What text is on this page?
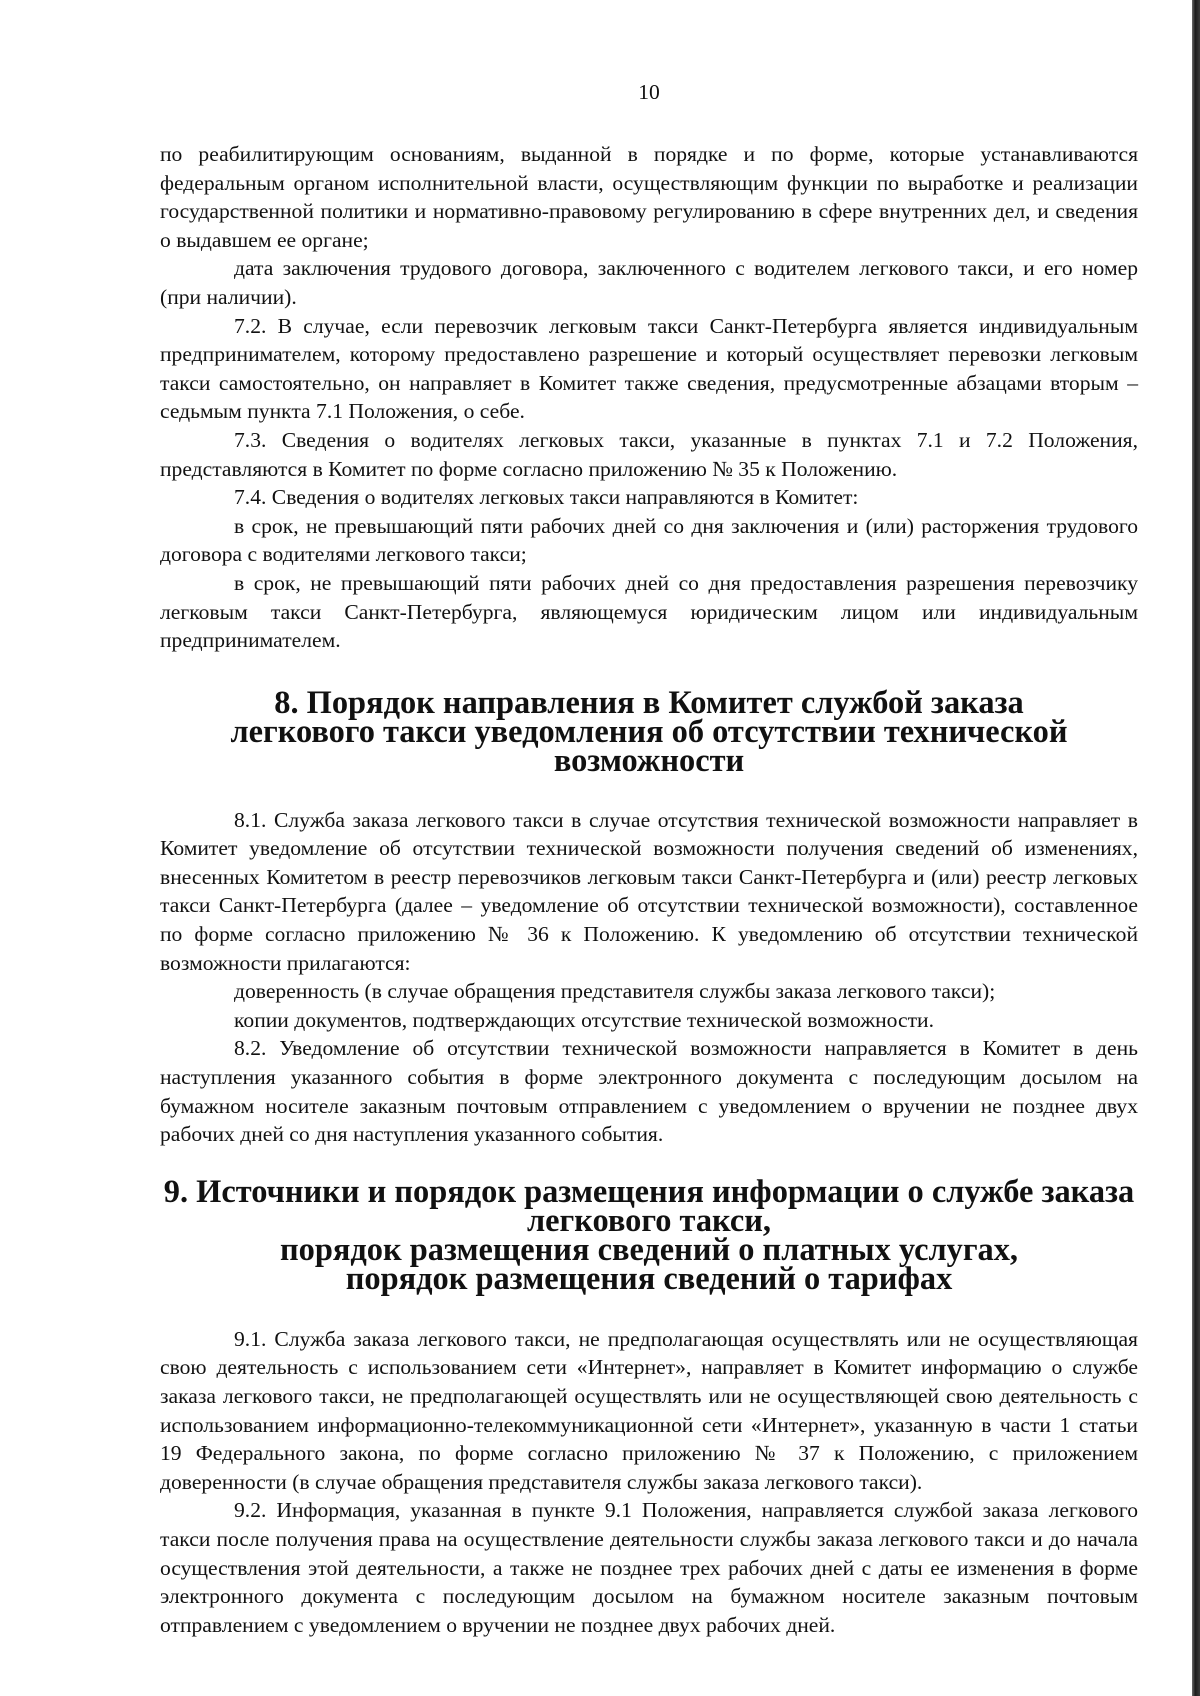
10

по реабилитирующим основаниям, выданной в порядке и по форме, которые устанавливаются федеральным органом исполнительной власти, осуществляющим функции по выработке и реализации государственной политики и нормативно-правовому регулированию в сфере внутренних дел, и сведения о выдавшем ее органе;

дата заключения трудового договора, заключенного с водителем легкового такси, и его номер (при наличии).

7.2. В случае, если перевозчик легковым такси Санкт-Петербурга является индивидуальным предпринимателем, которому предоставлено разрешение и который осуществляет перевозки легковым такси самостоятельно, он направляет в Комитет также сведения, предусмотренные абзацами вторым – седьмым пункта 7.1 Положения, о себе.

7.3. Сведения о водителях легковых такси, указанные в пунктах 7.1 и 7.2 Положения, представляются в Комитет по форме согласно приложению № 35 к Положению.

7.4. Сведения о водителях легковых такси направляются в Комитет:

в срок, не превышающий пяти рабочих дней со дня заключения и (или) расторжения трудового договора с водителями легкового такси;

в срок, не превышающий пяти рабочих дней со дня предоставления разрешения перевозчику легковым такси Санкт-Петербурга, являющемуся юридическим лицом или индивидуальным предпринимателем.

8. Порядок направления в Комитет службой заказа
легкового такси уведомления об отсутствии технической возможности

8.1. Служба заказа легкового такси в случае отсутствия технической возможности направляет в Комитет уведомление об отсутствии технической возможности получения сведений об изменениях, внесенных Комитетом в реестр перевозчиков легковым такси Санкт-Петербурга и (или) реестр легковых такси Санкт-Петербурга (далее – уведомление об отсутствии технической возможности), составленное по форме согласно приложению № 36 к Положению. К уведомлению об отсутствии технической возможности прилагаются:

доверенность (в случае обращения представителя службы заказа легкового такси);

копии документов, подтверждающих отсутствие технической возможности.

8.2. Уведомление об отсутствии технической возможности направляется в Комитет в день наступления указанного события в форме электронного документа с последующим досылом на бумажном носителе заказным почтовым отправлением с уведомлением о вручении не позднее двух рабочих дней со дня наступления указанного события.

9. Источники и порядок размещения информации о службе заказа легкового такси,
порядок размещения сведений о платных услугах,
порядок размещения сведений о тарифах

9.1. Служба заказа легкового такси, не предполагающая осуществлять или не осуществляющая свою деятельность с использованием сети «Интернет», направляет в Комитет информацию о службе заказа легкового такси, не предполагающей осуществлять или не осуществляющей свою деятельность с использованием информационно-телекоммуникационной сети «Интернет», указанную в части 1 статьи 19 Федерального закона, по форме согласно приложению № 37 к Положению, с приложением доверенности (в случае обращения представителя службы заказа легкового такси).

9.2. Информация, указанная в пункте 9.1 Положения, направляется службой заказа легкового такси после получения права на осуществление деятельности службы заказа легкового такси и до начала осуществления этой деятельности, а также не позднее трех рабочих дней с даты ее изменения в форме электронного документа с последующим досылом на бумажном носителе заказным почтовым отправлением с уведомлением о вручении не позднее двух рабочих дней.
